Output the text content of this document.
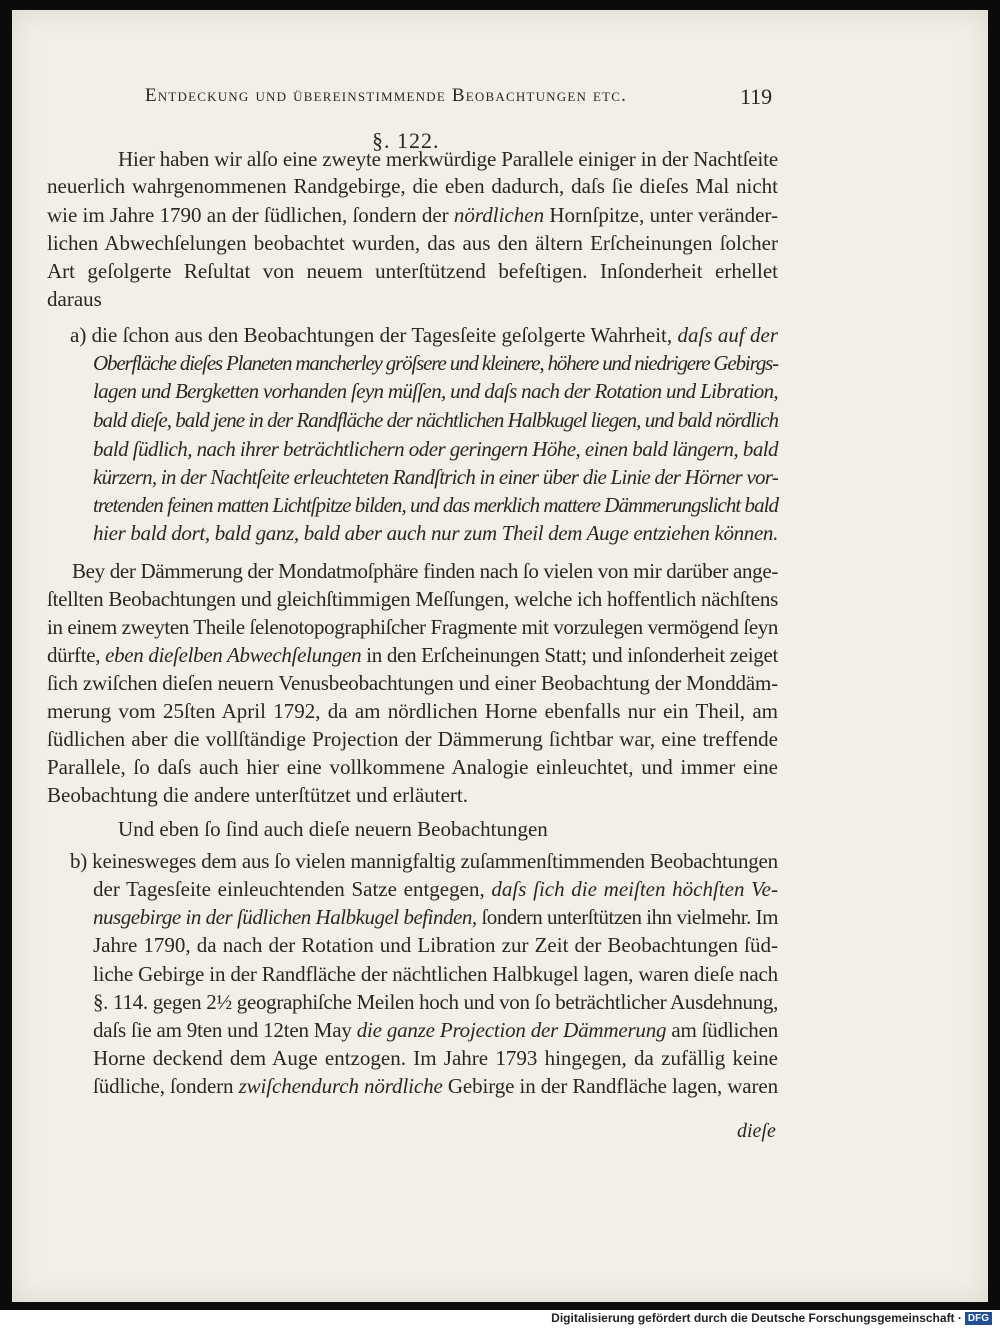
Entdeckung und übereinstimmende Beobachtungen etc.	119
§. 122.
Hier haben wir alſo eine zweyte merkwürdige Parallele einiger in der Nachtſeite
neuerlich wahrgenommenen Randgebirge, die eben dadurch, daſs ſie dieſes Mal nicht
wie im Jahre 1790 an der ſüdlichen, ſondern der nördlichen Hornſpitze, unter veränder-
lichen Abwechſelungen beobachtet wurden, das aus den ältern Erſcheinungen ſolcher
Art geſolgerte Reſultat von neuem unterſtützend befeſtigen. Inſonderheit erhellet
daraus
a) die ſchon aus den Beobachtungen der Tagesſeite geſolgerte Wahrheit, daſs auf der
Oberfläche dieſes Planeten mancherley gröſsere und kleinere, höhere und niedrigere Gebirgs-
lagen und Bergketten vorhanden ſeyn müſſen, und daſs nach der Rotation und Libration,
bald dieſe, bald jene in der Randfläche der nächtlichen Halbkugel liegen, und bald nördlich
bald ſüdlich, nach ihrer beträchtlichern oder geringern Höhe, einen bald längern, bald
kürzern, in der Nachtſeite erleuchteten Randſtrich in einer über die Linie der Hörner vor-
tretenden feinen matten Lichtſpitze bilden, und das merklich mattere Dämmerungslicht bald
hier bald dort, bald ganz, bald aber auch nur zum Theil dem Auge entziehen können.
Bey der Dämmerung der Mondatmoſphäre finden nach ſo vielen von mir darüber ange-
ſtellten Beobachtungen und gleichſtimmigen Meſſungen, welche ich hoffentlich nächſtens
in einem zweyten Theile ſelenotopographiſcher Fragmente mit vorzulegen vermögend ſeyn
dürfte, eben dieſelben Abwechſelungen in den Erſcheinungen Statt; und inſonderheit zeiget
ſich zwiſchen dieſen neuern Venusbeobachtungen und einer Beobachtung der Monddäm-
merung vom 25ſten April 1792, da am nördlichen Horne ebenfalls nur ein Theil, am
ſüdlichen aber die vollſtändige Projection der Dämmerung ſichtbar war, eine treffende
Parallele, ſo daſs auch hier eine vollkommene Analogie einleuchtet, und immer eine
Beobachtung die andere unterſtützet und erläutert.
Und eben ſo ſind auch dieſe neuern Beobachtungen
b) keinesweges dem aus ſo vielen mannigfaltig zuſammenſtimmenden Beobachtungen
der Tagesſeite einleuchtenden Satze entgegen, daſs ſich die meiſten höchſten Ve-
nusgebirge in der ſüdlichen Halbkugel befinden, ſondern unterſtützen ihn vielmehr. Im
Jahre 1790, da nach der Rotation und Libration zur Zeit der Beobachtungen ſüd-
liche Gebirge in der Randfläche der nächtlichen Halbkugel lagen, waren dieſe nach
§. 114. gegen 2½ geographiſche Meilen hoch und von ſo beträchtlicher Ausdehnung,
daſs ſie am 9ten und 12ten May die ganze Projection der Dämmerung am ſüdlichen
Horne deckend dem Auge entzogen. Im Jahre 1793 hingegen, da zufällig keine
ſüdliche, ſondern zwiſchendurch nördliche Gebirge in der Randfläche lagen, waren
dieſe
Digitalisierung gefördert durch die Deutsche Forschungsgemeinschaft · DFG
